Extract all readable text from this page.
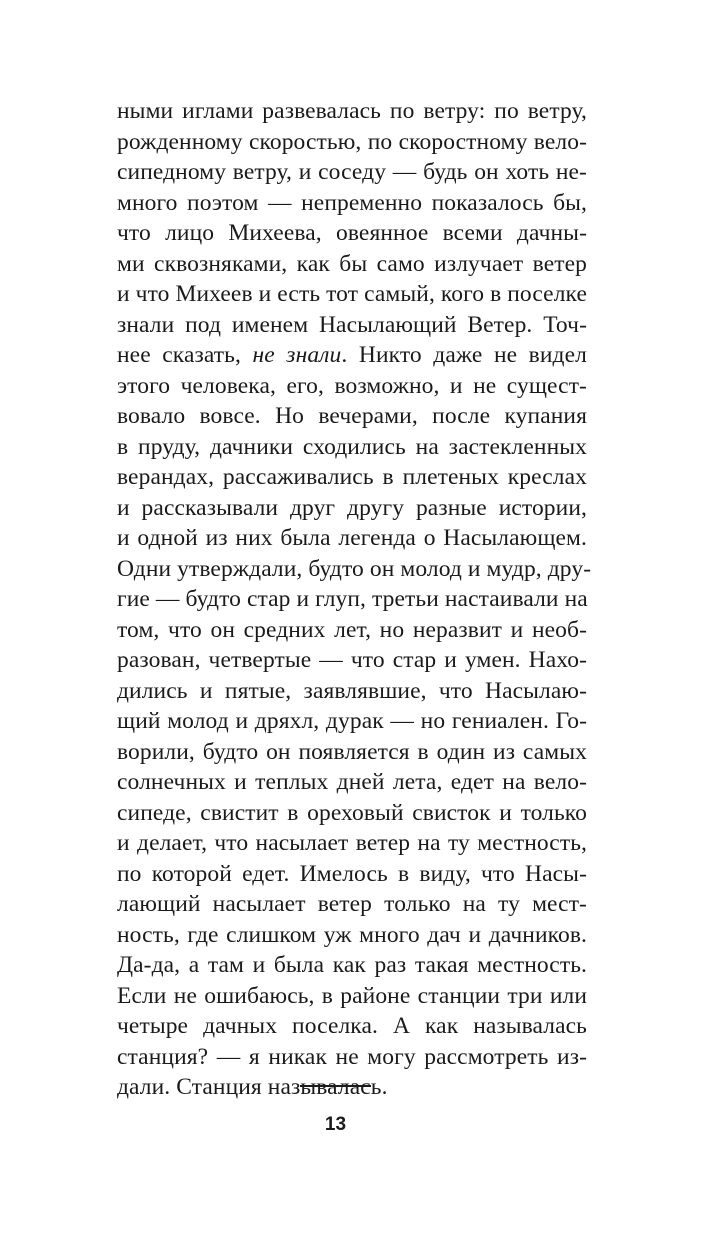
ными иглами развевалась по ветру: по ветру,
рожденному скоростью, по скоростному вело-
сипедному ветру, и соседу — будь он хоть не-
много поэтом — непременно показалось бы,
что лицо Михеева, овеянное всеми дачны-
ми сквозняками, как бы само излучает ветер
и что Михеев и есть тот самый, кого в поселке
знали под именем Насылающий Ветер. Точ-
нее сказать, не знали. Никто даже не видел
этого человека, его, возможно, и не сущест-
вовало вовсе. Но вечерами, после купания
в пруду, дачники сходились на застекленных
верандах, рассаживались в плетеных креслах
и рассказывали друг другу разные истории,
и одной из них была легенда о Насылающем.
Одни утверждали, будто он молод и мудр, дру-
гие — будто стар и глуп, третьи настаивали на
том, что он средних лет, но неразвит и необ-
разован, четвертые — что стар и умен. Нахо-
дились и пятые, заявлявшие, что Насылаю-
щий молод и дряхл, дурак — но гениален. Го-
ворили, будто он появляется в один из самых
солнечных и теплых дней лета, едет на вело-
сипеде, свистит в ореховый свисток и только
и делает, что насылает ветер на ту местность,
по которой едет. Имелось в виду, что Насы-
лающий насылает ветер только на ту мест-
ность, где слишком уж много дач и дачников.
Да-да, а там и была как раз такая местность.
Если не ошибаюсь, в районе станции три или
четыре дачных поселка. А как называлась
станция? — я никак не могу рассмотреть из-
дали. Станция называлась.
13
